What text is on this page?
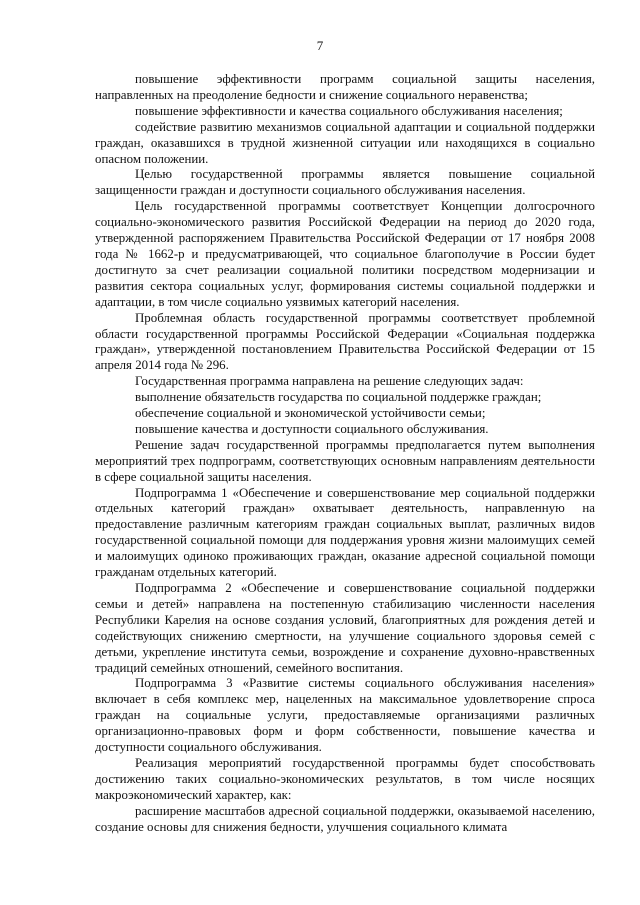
7

повышение эффективности программ социальной защиты населения, направленных на преодоление бедности и снижение социального неравенства;

повышение эффективности и качества социального обслуживания населения;

содействие развитию механизмов социальной адаптации и социальной поддержки граждан, оказавшихся в трудной жизненной ситуации или находящихся в социально опасном положении.

Целью государственной программы является повышение социальной защищенности граждан и доступности социального обслуживания населения.

Цель государственной программы соответствует Концепции долгосрочного социально-экономического развития Российской Федерации на период до 2020 года, утвержденной распоряжением Правительства Российской Федерации от 17 ноября 2008 года № 1662-р и предусматривающей, что социальное благополучие в России будет достигнуто за счет реализации социальной политики посредством модернизации и развития сектора социальных услуг, формирования системы социальной поддержки и адаптации, в том числе социально уязвимых категорий населения.

Проблемная область государственной программы соответствует проблемной области государственной программы Российской Федерации «Социальная поддержка граждан», утвержденной постановлением Правительства Российской Федерации от 15 апреля 2014 года № 296.

Государственная программа направлена на решение следующих задач:

выполнение обязательств государства по социальной поддержке граждан;

обеспечение социальной и экономической устойчивости семьи;

повышение качества и доступности социального обслуживания.

Решение задач государственной программы предполагается путем выполнения мероприятий трех подпрограмм, соответствующих основным направлениям деятельности в сфере социальной защиты населения.

Подпрограмма 1 «Обеспечение и совершенствование мер социальной поддержки отдельных категорий граждан» охватывает деятельность, направленную на предоставление различным категориям граждан социальных выплат, различных видов государственной социальной помощи для поддержания уровня жизни малоимущих семей и малоимущих одиноко проживающих граждан, оказание адресной социальной помощи гражданам отдельных категорий.

Подпрограмма 2 «Обеспечение и совершенствование социальной поддержки семьи и детей» направлена на постепенную стабилизацию численности населения Республики Карелия на основе создания условий, благоприятных для рождения детей и содействующих снижению смертности, на улучшение социального здоровья семей с детьми, укрепление института семьи, возрождение и сохранение духовно-нравственных традиций семейных отношений, семейного воспитания.

Подпрограмма 3 «Развитие системы социального обслуживания населения» включает в себя комплекс мер, нацеленных на максимальное удовлетворение спроса граждан на социальные услуги, предоставляемые организациями различных организационно-правовых форм и форм собственности, повышение качества и доступности социального обслуживания.

Реализация мероприятий государственной программы будет способствовать достижению таких социально-экономических результатов, в том числе носящих макроэкономический характер, как:

расширение масштабов адресной социальной поддержки, оказываемой населению, создание основы для снижения бедности, улучшения социального климата
